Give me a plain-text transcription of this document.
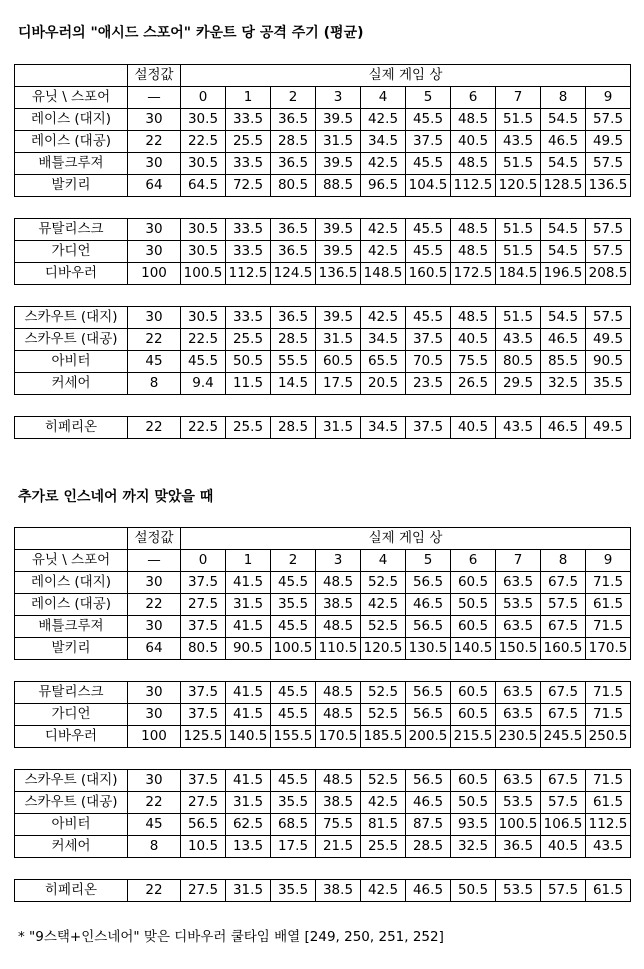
디바우러의 "애시드 스포어" 카운트 당 공격 주기 (평균)
	설정값	실제 게임 상									
유닛 \ 스포어	—	0	1	2	3	4	5	6	7	8	9
레이스 (대지)	30	30.5	33.5	36.5	39.5	42.5	45.5	48.5	51.5	54.5	57.5
레이스 (대공)	22	22.5	25.5	28.5	31.5	34.5	37.5	40.5	43.5	46.5	49.5
배틀크루져	30	30.5	33.5	36.5	39.5	42.5	45.5	48.5	51.5	54.5	57.5
발키리	64	64.5	72.5	80.5	88.5	96.5	104.5	112.5	120.5	128.5	136.5

뮤탈리스크	30	30.5	33.5	36.5	39.5	42.5	45.5	48.5	51.5	54.5	57.5
가디언	30	30.5	33.5	36.5	39.5	42.5	45.5	48.5	51.5	54.5	57.5
디바우러	100	100.5	112.5	124.5	136.5	148.5	160.5	172.5	184.5	196.5	208.5

스카우트 (대지)	30	30.5	33.5	36.5	39.5	42.5	45.5	48.5	51.5	54.5	57.5
스카우트 (대공)	22	22.5	25.5	28.5	31.5	34.5	37.5	40.5	43.5	46.5	49.5
아비터	45	45.5	50.5	55.5	60.5	65.5	70.5	75.5	80.5	85.5	90.5
커세어	8	9.4	11.5	14.5	17.5	20.5	23.5	26.5	29.5	32.5	35.5

히페리온	22	22.5	25.5	28.5	31.5	34.5	37.5	40.5	43.5	46.5	49.5
추가로 인스네어 까지 맞았을 때
	설정값	실제 게임 상									
유닛 \ 스포어	—	0	1	2	3	4	5	6	7	8	9
레이스 (대지)	30	37.5	41.5	45.5	48.5	52.5	56.5	60.5	63.5	67.5	71.5
레이스 (대공)	22	27.5	31.5	35.5	38.5	42.5	46.5	50.5	53.5	57.5	61.5
배틀크루져	30	37.5	41.5	45.5	48.5	52.5	56.5	60.5	63.5	67.5	71.5
발키리	64	80.5	90.5	100.5	110.5	120.5	130.5	140.5	150.5	160.5	170.5

뮤탈리스크	30	37.5	41.5	45.5	48.5	52.5	56.5	60.5	63.5	67.5	71.5
가디언	30	37.5	41.5	45.5	48.5	52.5	56.5	60.5	63.5	67.5	71.5
디바우러	100	125.5	140.5	155.5	170.5	185.5	200.5	215.5	230.5	245.5	250.5

스카우트 (대지)	30	37.5	41.5	45.5	48.5	52.5	56.5	60.5	63.5	67.5	71.5
스카우트 (대공)	22	27.5	31.5	35.5	38.5	42.5	46.5	50.5	53.5	57.5	61.5
아비터	45	56.5	62.5	68.5	75.5	81.5	87.5	93.5	100.5	106.5	112.5
커세어	8	10.5	13.5	17.5	21.5	25.5	28.5	32.5	36.5	40.5	43.5

히페리온	22	27.5	31.5	35.5	38.5	42.5	46.5	50.5	53.5	57.5	61.5
* "9스택+인스네어" 맞은 디바우러 쿨타임 배열 [249, 250, 251, 252]
